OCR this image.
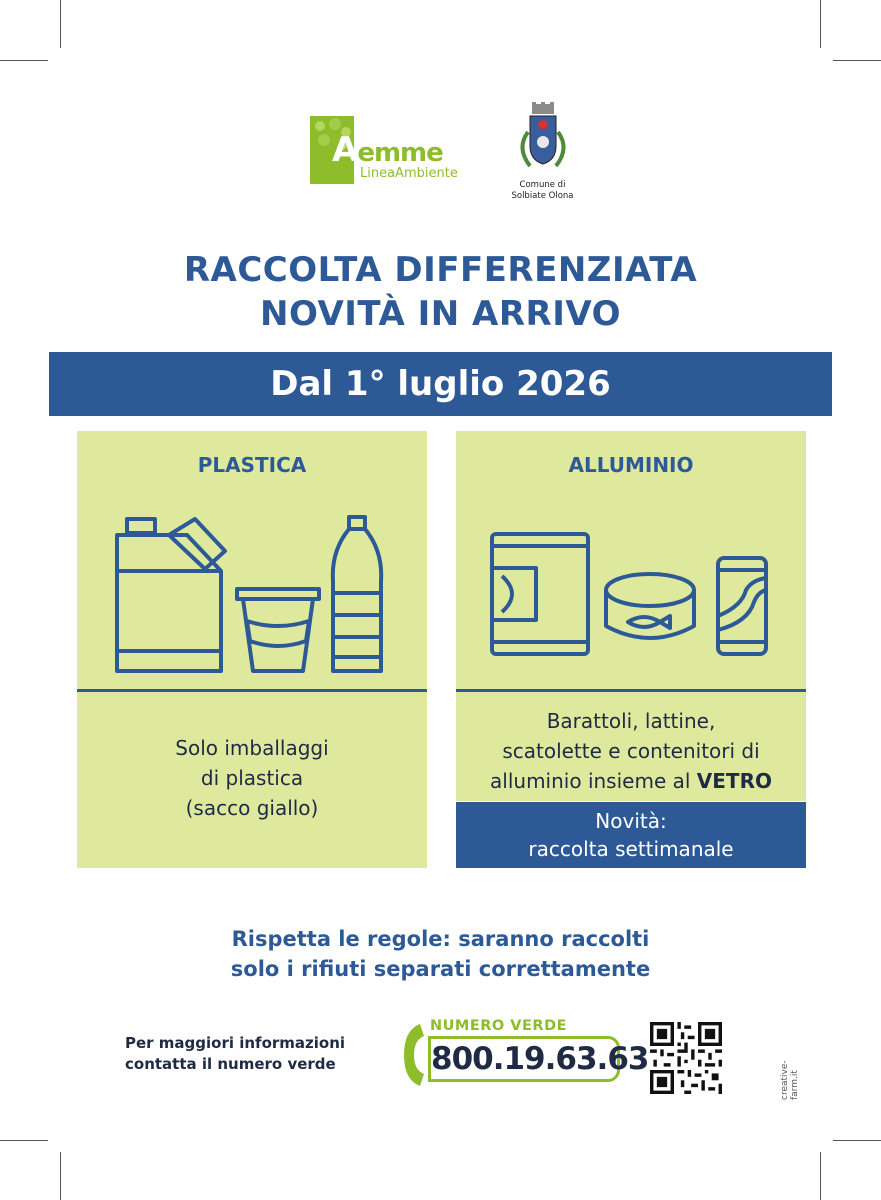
Aemme
LineaAmbiente
Comune di
Solbiate Olona
RACCOLTA DIFFERENZIATA
NOVITÀ IN ARRIVO
Dal 1° luglio 2026
PLASTICA
Solo imballaggi
di plastica
(sacco giallo)
ALLUMINIO
Barattoli, lattine,
scatolette e contenitori di
alluminio insieme al VETRO
Novità:
raccolta settimanale
Rispetta le regole: saranno raccolti
solo i rifiuti separati correttamente
Per maggiori informazioni
contatta il numero verde
NUMERO VERDE
800.19.63.63
creative-farm.it
